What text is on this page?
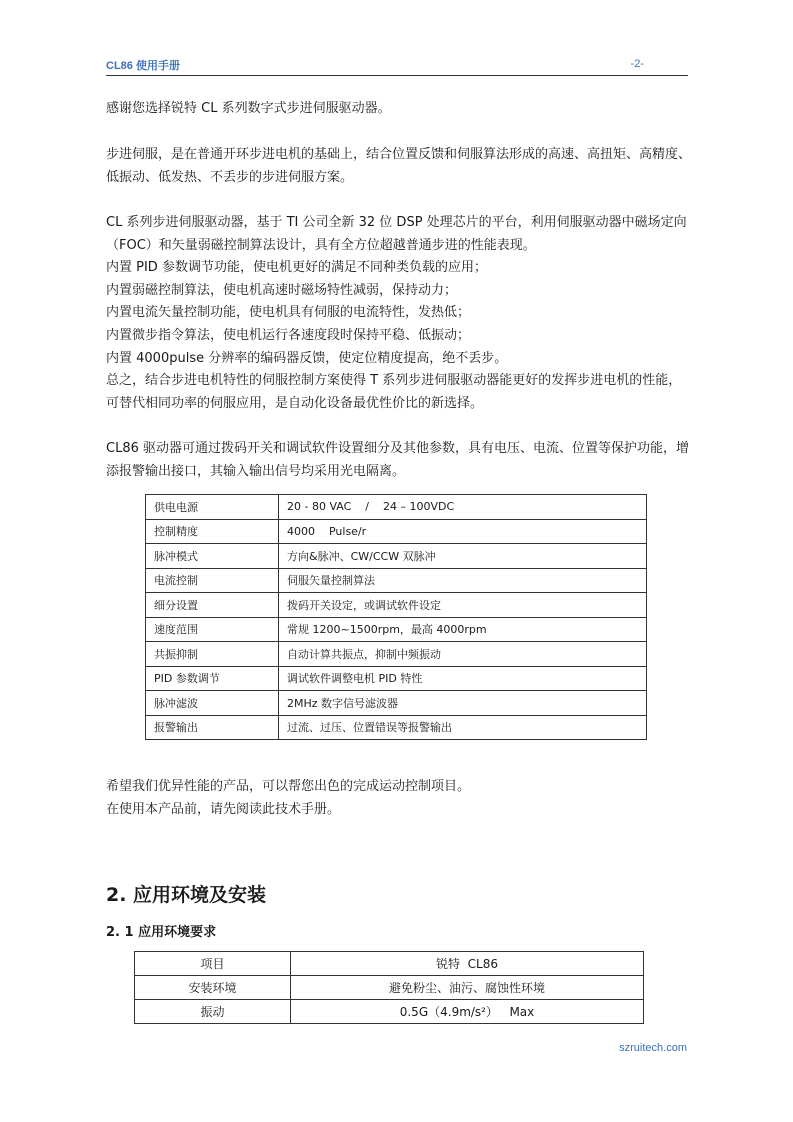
CL86 使用手册	-2-

感谢您选择锐特 CL 系列数字式步进伺服驱动器。

步进伺服，是在普通开环步进电机的基础上，结合位置反馈和伺服算法形成的高速、高扭矩、高精度、低振动、低发热、不丢步的步进伺服方案。

CL 系列步进伺服驱动器，基于 TI 公司全新 32 位 DSP 处理芯片的平台，利用伺服驱动器中磁场定向（FOC）和矢量弱磁控制算法设计，具有全方位超越普通步进的性能表现。
内置 PID 参数调节功能，使电机更好的满足不同种类负载的应用；
内置弱磁控制算法，使电机高速时磁场特性减弱，保持动力；
内置电流矢量控制功能，使电机具有伺服的电流特性，发热低；
内置微步指令算法，使电机运行各速度段时保持平稳、低振动；
内置 4000pulse 分辨率的编码器反馈，使定位精度提高，绝不丢步。
总之，结合步进电机特性的伺服控制方案使得 T 系列步进伺服驱动器能更好的发挥步进电机的性能，可替代相同功率的伺服应用，是自动化设备最优性价比的新选择。

CL86 驱动器可通过拨码开关和调试软件设置细分及其他参数，具有电压、电流、位置等保护功能，增添报警输出接口，其输入输出信号均采用光电隔离。

供电电源	20 - 80 VAC    /    24 – 100VDC
控制精度	4000    Pulse/r
脉冲模式	方向&脉冲、CW/CCW 双脉冲
电流控制	伺服矢量控制算法
细分设置	拨码开关设定，或调试软件设定
速度范围	常规 1200~1500rpm，最高 4000rpm
共振抑制	自动计算共振点，抑制中频振动
PID 参数调节	调试软件调整电机 PID 特性
脉冲滤波	2MHz 数字信号滤波器
报警输出	过流、过压、位置错误等报警输出
希望我们优异性能的产品，可以帮您出色的完成运动控制项目。
在使用本产品前，请先阅读此技术手册。
2. 应用环境及安装
2. 1 应用环境要求
项目	锐特  CL86
安装环境	避免粉尘、油污、腐蚀性环境
振动	0.5G（4.9m/s²）   Max
szruitech.com
